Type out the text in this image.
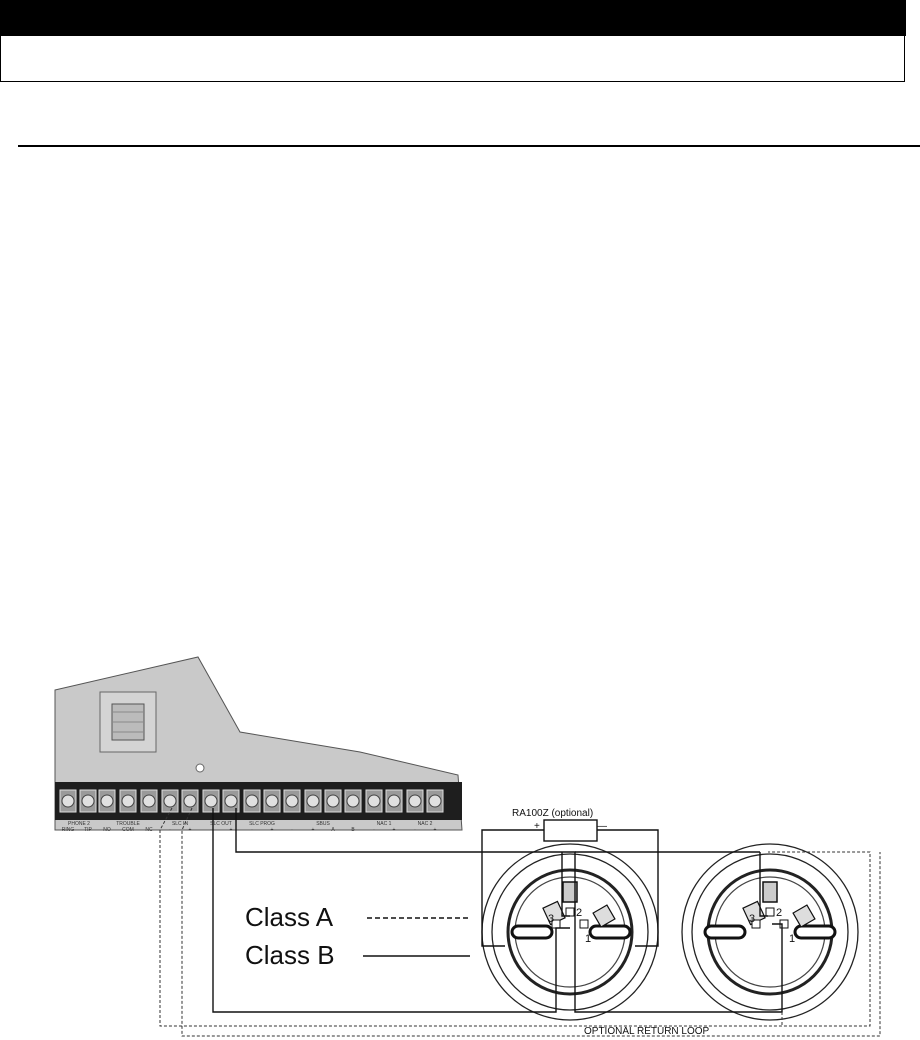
PHONE 2
RING TIP
TROUBLE
NO COM NC
SLC IN
-	+
SLC OUT
-	+
SLC PROG
-	+
SBUS
-	+	A	B
NAC 1
-	+
NAC 2
-	+
2
3
1
2
3
1
RA100Z (optional)
+	—
Class A
Class B
OPTIONAL RETURN LOOP
